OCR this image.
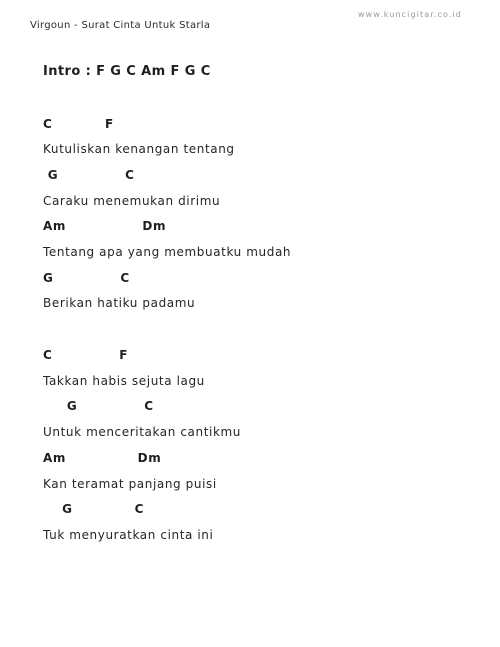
Virgoun - Surat Cinta Untuk Starla
www.kuncigitar.co.id
Intro : F G C Am F G C
C           F
Kutuliskan kenangan tentang
G              C
Caraku menemukan dirimu
Am                Dm
Tentang apa yang membuatku mudah
G              C
Berikan hatiku padamu
C              F
Takkan habis sejuta lagu
G              C
Untuk menceritakan cantikmu
Am               Dm
Kan teramat panjang puisi
G             C
Tuk menyuratkan cinta ini
